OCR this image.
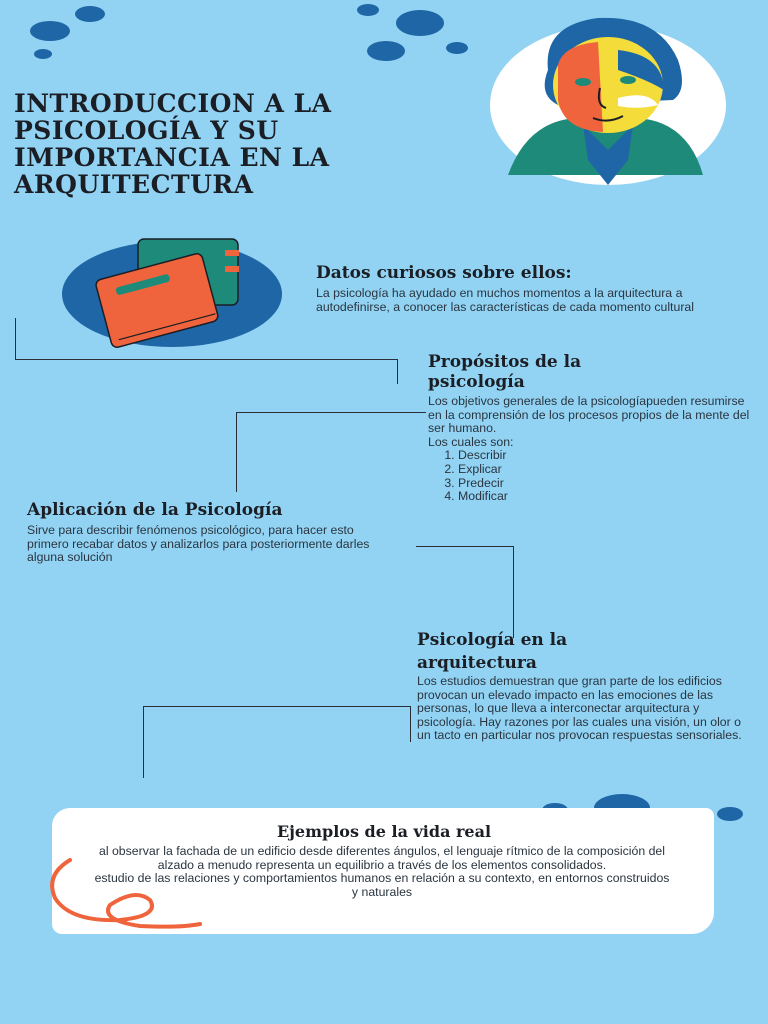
INTRODUCCION A LA PSICOLOGÍA Y SU IMPORTANCIA EN LA ARQUITECTURA
Datos curiosos sobre ellos:

La psicología ha ayudado en muchos momentos a la arquitectura a autodefinirse, a conocer las características de cada momento cultural

Propósitos de la psicología

Los objetivos generales de la psicologíapueden resumirse en la comprensión de los procesos propios de la mente del ser humano.

Los cuales son:

1. Describir
2. Explicar
3. Predecir
4. Modificar
Aplicación de la Psicología

Sirve para describir fenómenos psicológico, para hacer esto primero recabar datos y analizarlos para posteriormente darles alguna solución

Psicología en la arquitectura

Los estudios demuestran que gran parte de los edificios provocan un elevado impacto en las emociones de las personas, lo que lleva a interconectar arquitectura y psicología. Hay razones por las cuales una visión, un olor o un tacto en particular nos provocan respuestas sensoriales.

Ejemplos de la vida real
al observar la fachada de un edificio desde diferentes ángulos, el lenguaje rítmico de la composición del alzado a menudo representa un equilibrio a través de los elementos consolidados.
estudio de las relaciones y comportamientos humanos en relación a su contexto, en entornos construidos y naturales
